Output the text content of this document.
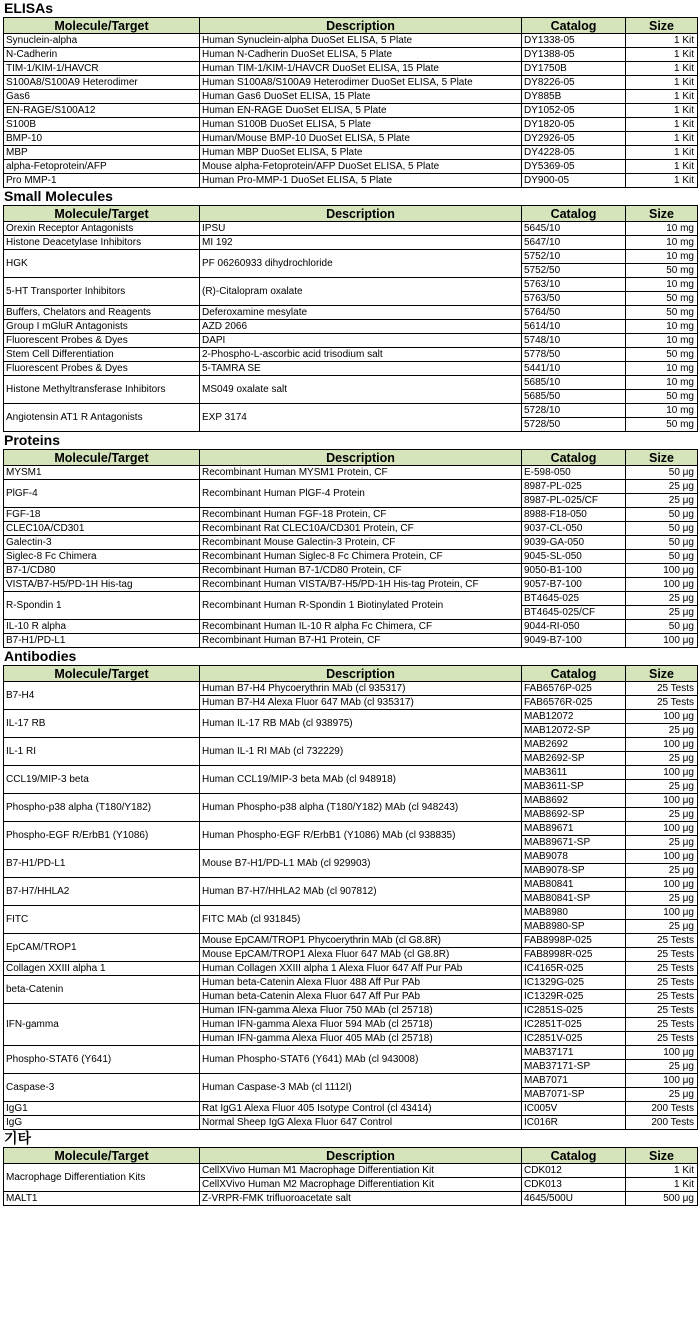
ELISAs
Molecule/Target	Description	Catalog	Size
Synuclein-alpha	Human Synuclein-alpha DuoSet ELISA, 5 Plate	DY1338-05	1 Kit
N-Cadherin	Human N-Cadherin DuoSet ELISA, 5 Plate	DY1388-05	1 Kit
TIM-1/KIM-1/HAVCR	Human TIM-1/KIM-1/HAVCR DuoSet ELISA, 15 Plate	DY1750B	1 Kit
S100A8/S100A9 Heterodimer	Human S100A8/S100A9 Heterodimer DuoSet ELISA, 5 Plate	DY8226-05	1 Kit
Gas6	Human Gas6 DuoSet ELISA, 15 Plate	DY885B	1 Kit
EN-RAGE/S100A12	Human EN-RAGE DuoSet ELISA, 5 Plate	DY1052-05	1 Kit
S100B	Human S100B DuoSet ELISA, 5 Plate	DY1820-05	1 Kit
BMP-10	Human/Mouse BMP-10 DuoSet ELISA, 5 Plate	DY2926-05	1 Kit
MBP	Human MBP DuoSet ELISA, 5 Plate	DY4228-05	1 Kit
alpha-Fetoprotein/AFP	Mouse alpha-Fetoprotein/AFP DuoSet ELISA, 5 Plate	DY5369-05	1 Kit
Pro MMP-1	Human Pro-MMP-1 DuoSet ELISA, 5 Plate	DY900-05	1 Kit
Small Molecules
Molecule/Target	Description	Catalog	Size
Orexin Receptor Antagonists	IPSU	5645/10	10 mg
Histone Deacetylase Inhibitors	MI 192	5647/10	10 mg
HGK	PF 06260933 dihydrochloride	5752/10	10 mg
		5752/50	50 mg
5-HT Transporter Inhibitors	(R)-Citalopram oxalate	5763/10	10 mg
		5763/50	50 mg
Buffers, Chelators and Reagents	Deferoxamine mesylate	5764/50	50 mg
Group I mGluR Antagonists	AZD 2066	5614/10	10 mg
Fluorescent Probes & Dyes	DAPI	5748/10	10 mg
Stem Cell Differentiation	2-Phospho-L-ascorbic acid trisodium salt	5778/50	50 mg
Fluorescent Probes & Dyes	5-TAMRA SE	5441/10	10 mg
Histone Methyltransferase Inhibitors	MS049 oxalate salt	5685/10	10 mg
		5685/50	50 mg
Angiotensin AT1 R Antagonists	EXP 3174	5728/10	10 mg
		5728/50	50 mg
Proteins
Molecule/Target	Description	Catalog	Size
MYSM1	Recombinant Human MYSM1 Protein, CF	E-598-050	50 μg
PlGF-4	Recombinant Human PlGF-4 Protein	8987-PL-025	25 μg
		8987-PL-025/CF	25 μg
FGF-18	Recombinant Human FGF-18 Protein, CF	8988-F18-050	50 μg
CLEC10A/CD301	Recombinant Rat CLEC10A/CD301 Protein, CF	9037-CL-050	50 μg
Galectin-3	Recombinant Mouse Galectin-3 Protein, CF	9039-GA-050	50 μg
Siglec-8 Fc Chimera	Recombinant Human Siglec-8 Fc Chimera Protein, CF	9045-SL-050	50 μg
B7-1/CD80	Recombinant Human B7-1/CD80 Protein, CF	9050-B1-100	100 μg
VISTA/B7-H5/PD-1H His-tag	Recombinant Human VISTA/B7-H5/PD-1H His-tag Protein, CF	9057-B7-100	100 μg
R-Spondin 1	Recombinant Human R-Spondin 1 Biotinylated Protein	BT4645-025	25 μg
		BT4645-025/CF	25 μg
IL-10 R alpha	Recombinant Human IL-10 R alpha Fc Chimera, CF	9044-RI-050	50 μg
B7-H1/PD-L1	Recombinant Human B7-H1 Protein, CF	9049-B7-100	100 μg
Antibodies
Molecule/Target	Description	Catalog	Size
B7-H4	Human B7-H4 Phycoerythrin MAb (cl 935317)	FAB6576P-025	25 Tests
	Human B7-H4 Alexa Fluor 647 MAb (cl 935317)	FAB6576R-025	25 Tests
IL-17 RB	Human IL-17 RB MAb (cl 938975)	MAB12072	100 μg
		MAB12072-SP	25 μg
IL-1 RI	Human IL-1 RI MAb (cl 732229)	MAB2692	100 μg
		MAB2692-SP	25 μg
CCL19/MIP-3 beta	Human CCL19/MIP-3 beta MAb (cl 948918)	MAB3611	100 μg
		MAB3611-SP	25 μg
Phospho-p38 alpha (T180/Y182)	Human Phospho-p38 alpha (T180/Y182) MAb (cl 948243)	MAB8692	100 μg
		MAB8692-SP	25 μg
Phospho-EGF R/ErbB1 (Y1086)	Human Phospho-EGF R/ErbB1 (Y1086) MAb (cl 938835)	MAB89671	100 μg
		MAB89671-SP	25 μg
B7-H1/PD-L1	Mouse B7-H1/PD-L1 MAb (cl 929903)	MAB9078	100 μg
		MAB9078-SP	25 μg
B7-H7/HHLA2	Human B7-H7/HHLA2 MAb (cl 907812)	MAB80841	100 μg
		MAB80841-SP	25 μg
FITC	FITC MAb (cl 931845)	MAB8980	100 μg
		MAB8980-SP	25 μg
EpCAM/TROP1	Mouse EpCAM/TROP1 Phycoerythrin MAb (cl G8.8R)	FAB8998P-025	25 Tests
	Mouse EpCAM/TROP1 Alexa Fluor 647 MAb (cl G8.8R)	FAB8998R-025	25 Tests
Collagen XXIII alpha 1	Human Collagen XXIII alpha 1 Alexa Fluor 647 Aff Pur PAb	IC4165R-025	25 Tests
beta-Catenin	Human beta-Catenin Alexa Fluor 488 Aff Pur PAb	IC1329G-025	25 Tests
	Human beta-Catenin Alexa Fluor 647 Aff Pur PAb	IC1329R-025	25 Tests
IFN-gamma	Human IFN-gamma Alexa Fluor 750 MAb (cl 25718)	IC2851S-025	25 Tests
	Human IFN-gamma Alexa Fluor 594 MAb (cl 25718)	IC2851T-025	25 Tests
	Human IFN-gamma Alexa Fluor 405 MAb (cl 25718)	IC2851V-025	25 Tests
Phospho-STAT6 (Y641)	Human Phospho-STAT6 (Y641) MAb (cl 943008)	MAB37171	100 μg
		MAB37171-SP	25 μg
Caspase-3	Human Caspase-3 MAb (cl 1112I)	MAB7071	100 μg
		MAB7071-SP	25 μg
IgG1	Rat IgG1 Alexa Fluor 405 Isotype Control (cl 43414)	IC005V	200 Tests
IgG	Normal Sheep IgG Alexa Fluor 647 Control	IC016R	200 Tests
기타
Molecule/Target	Description	Catalog	Size
Macrophage Differentiation Kits	CellXVivo Human M1 Macrophage Differentiation Kit	CDK012	1 Kit
	CellXVivo Human M2 Macrophage Differentiation Kit	CDK013	1 Kit
MALT1	Z-VRPR-FMK trifluoroacetate salt	4645/500U	500 μg
